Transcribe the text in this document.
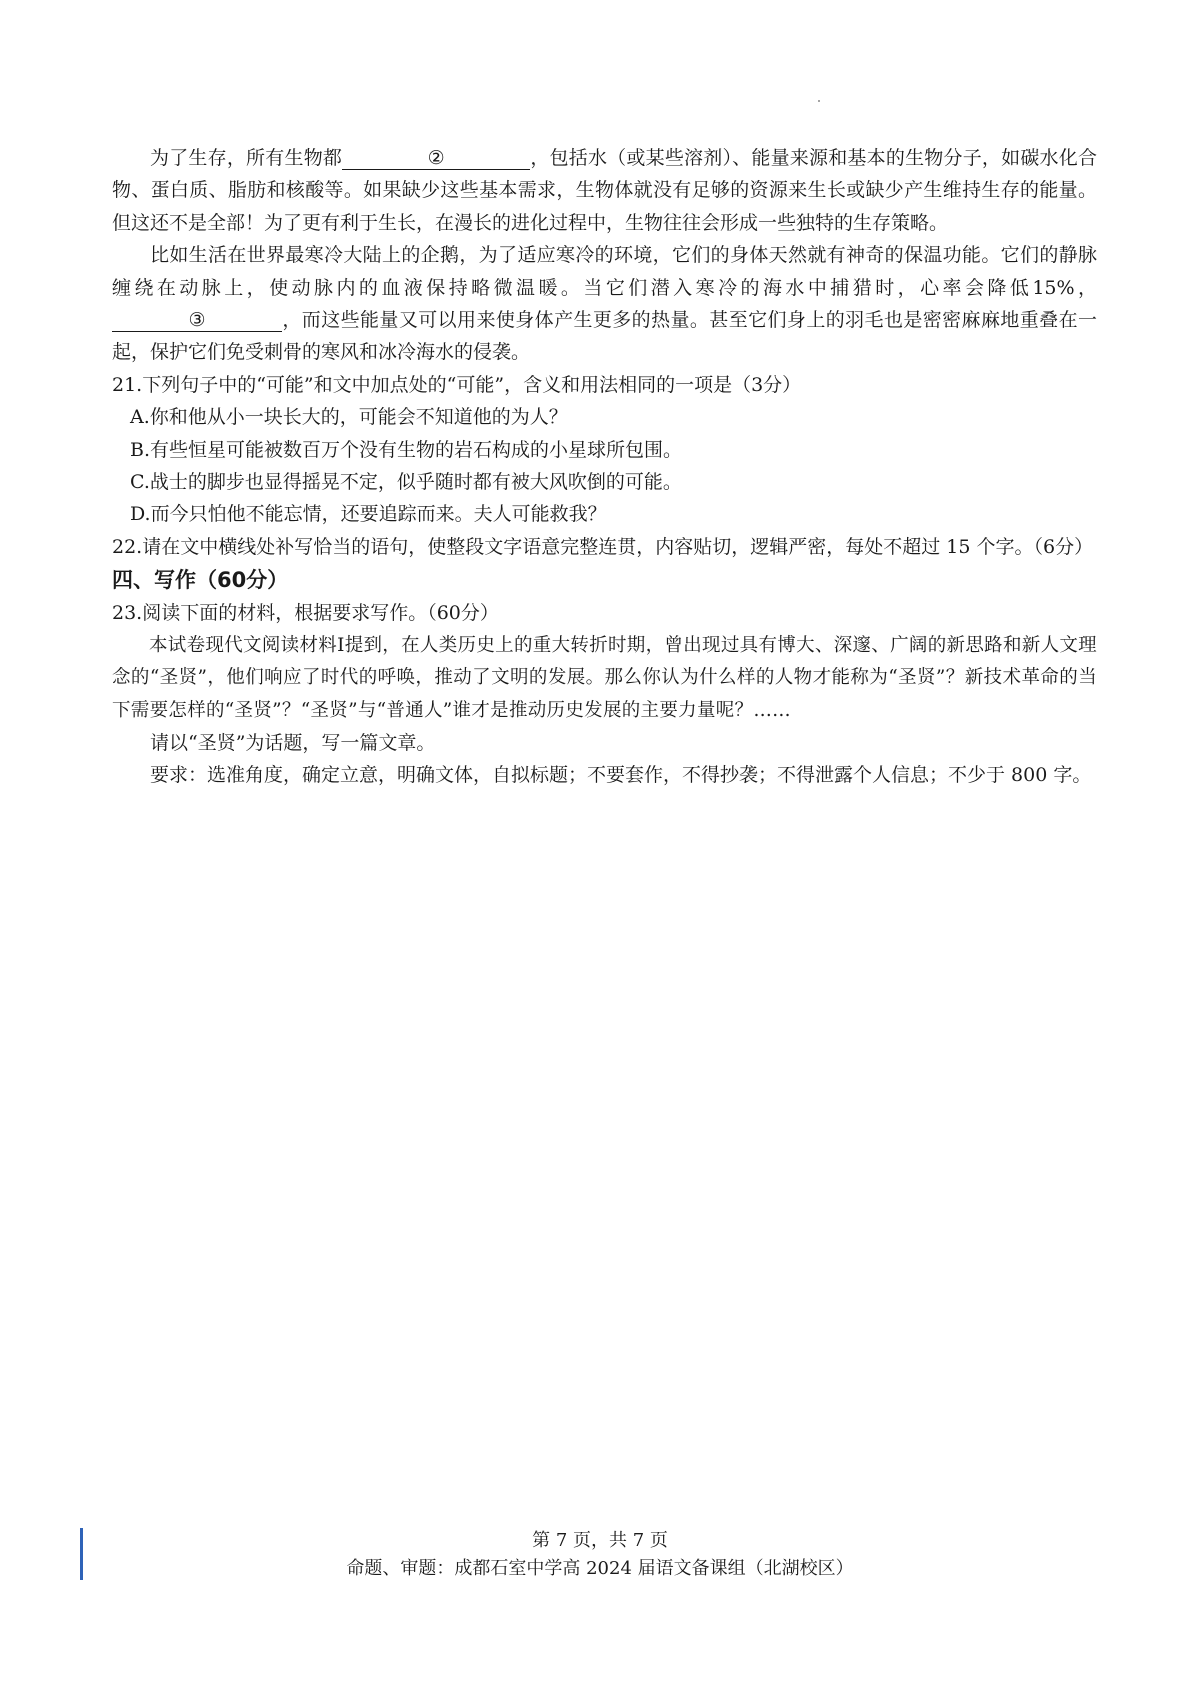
为了生存，所有生物都	②	，包括水（或某些溶剂）、能量来源和基本的生物分子，如碳水化合物、蛋白质、脂肪和核酸等。如果缺少这些基本需求，生物体就没有足够的资源来生长或缺少产生维持生存的能量。但这还不是全部！为了更有利于生长，在漫长的进化过程中，生物往往会形成一些独特的生存策略。

比如生活在世界最寒冷大陆上的企鹅，为了适应寒冷的环境，它们的身体天然就有神奇的保温功能。它们的静脉缠绕在动脉上，使动脉内的血液保持略微温暖。当它们潜入寒冷的海水中捕猎时，心率会降低15%，③	，而这些能量又可以用来使身体产生更多的热量。甚至它们身上的羽毛也是密密麻麻地重叠在一起，保护它们免受刺骨的寒风和冰冷海水的侵袭。

21.下列句子中的“可能”和文中加点处的“可能”，含义和用法相同的一项是（3分）

A.你和他从小一块长大的，可能会不知道他的为人？

B.有些恒星可能被数百万个没有生物的岩石构成的小星球所包围。

C.战士的脚步也显得摇晃不定，似乎随时都有被大风吹倒的可能。

D.而今只怕他不能忘情，还要追踪而来。夫人可能救我？

22.请在文中横线处补写恰当的语句，使整段文字语意完整连贯，内容贴切，逻辑严密，每处不超过 15 个字。（6分）

四、写作（60分）

23.阅读下面的材料，根据要求写作。（60分）

本试卷现代文阅读材料Ⅰ提到，在人类历史上的重大转折时期，曾出现过具有博大、深邃、广阔的新思路和新人文理念的“圣贤”，他们响应了时代的呼唤，推动了文明的发展。那么你认为什么样的人物才能称为“圣贤”？新技术革命的当下需要怎样的“圣贤”？“圣贤”与“普通人”谁才是推动历史发展的主要力量呢？……

请以“圣贤”为话题，写一篇文章。

要求：选准角度，确定立意，明确文体，自拟标题；不要套作，不得抄袭；不得泄露个人信息；不少于 800 字。

第 7 页，共 7 页
命题、审题：成都石室中学高 2024 届语文备课组（北湖校区）
